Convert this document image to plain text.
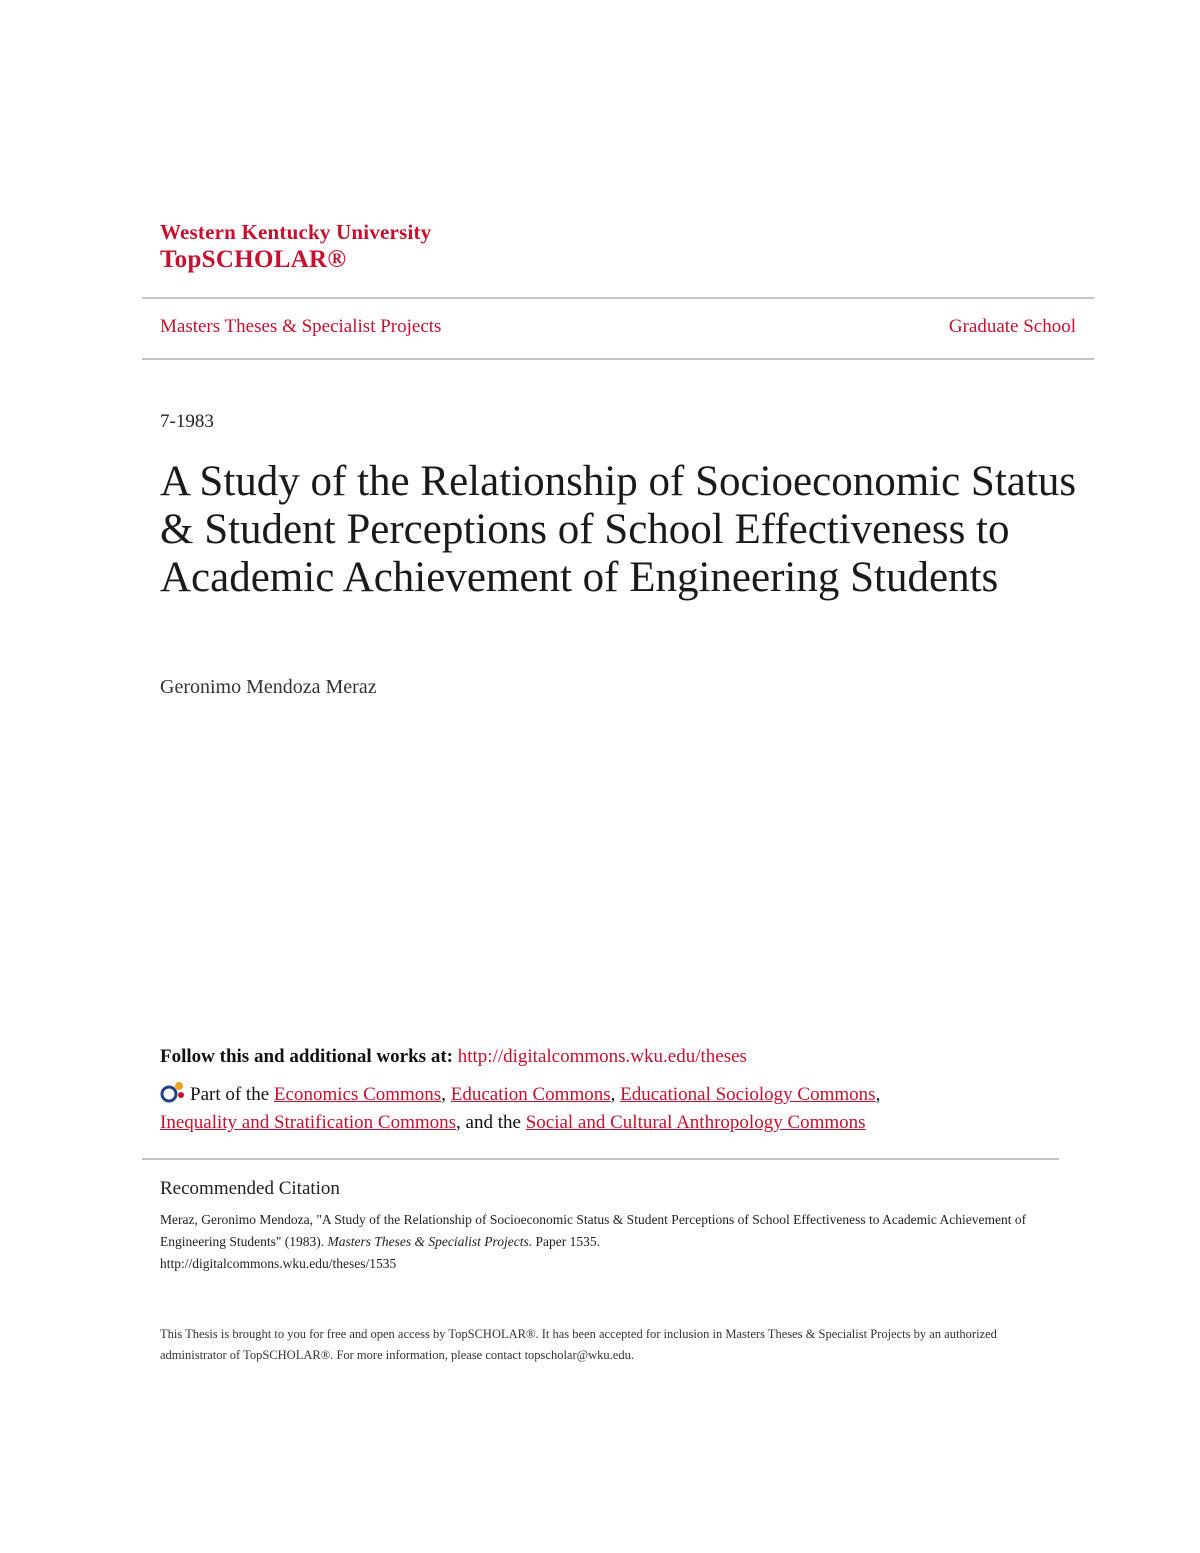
Western Kentucky University
TopSCHOLAR®
Masters Theses & Specialist Projects	Graduate School
7-1983
A Study of the Relationship of Socioeconomic Status & Student Perceptions of School Effectiveness to Academic Achievement of Engineering Students
Geronimo Mendoza Meraz
Follow this and additional works at: http://digitalcommons.wku.edu/theses
Part of the Economics Commons, Education Commons, Educational Sociology Commons,
Inequality and Stratification Commons, and the Social and Cultural Anthropology Commons
Recommended Citation
Meraz, Geronimo Mendoza, "A Study of the Relationship of Socioeconomic Status & Student Perceptions of School Effectiveness to Academic Achievement of Engineering Students" (1983). Masters Theses & Specialist Projects. Paper 1535.
http://digitalcommons.wku.edu/theses/1535
This Thesis is brought to you for free and open access by TopSCHOLAR®. It has been accepted for inclusion in Masters Theses & Specialist Projects by an authorized administrator of TopSCHOLAR®. For more information, please contact topscholar@wku.edu.
